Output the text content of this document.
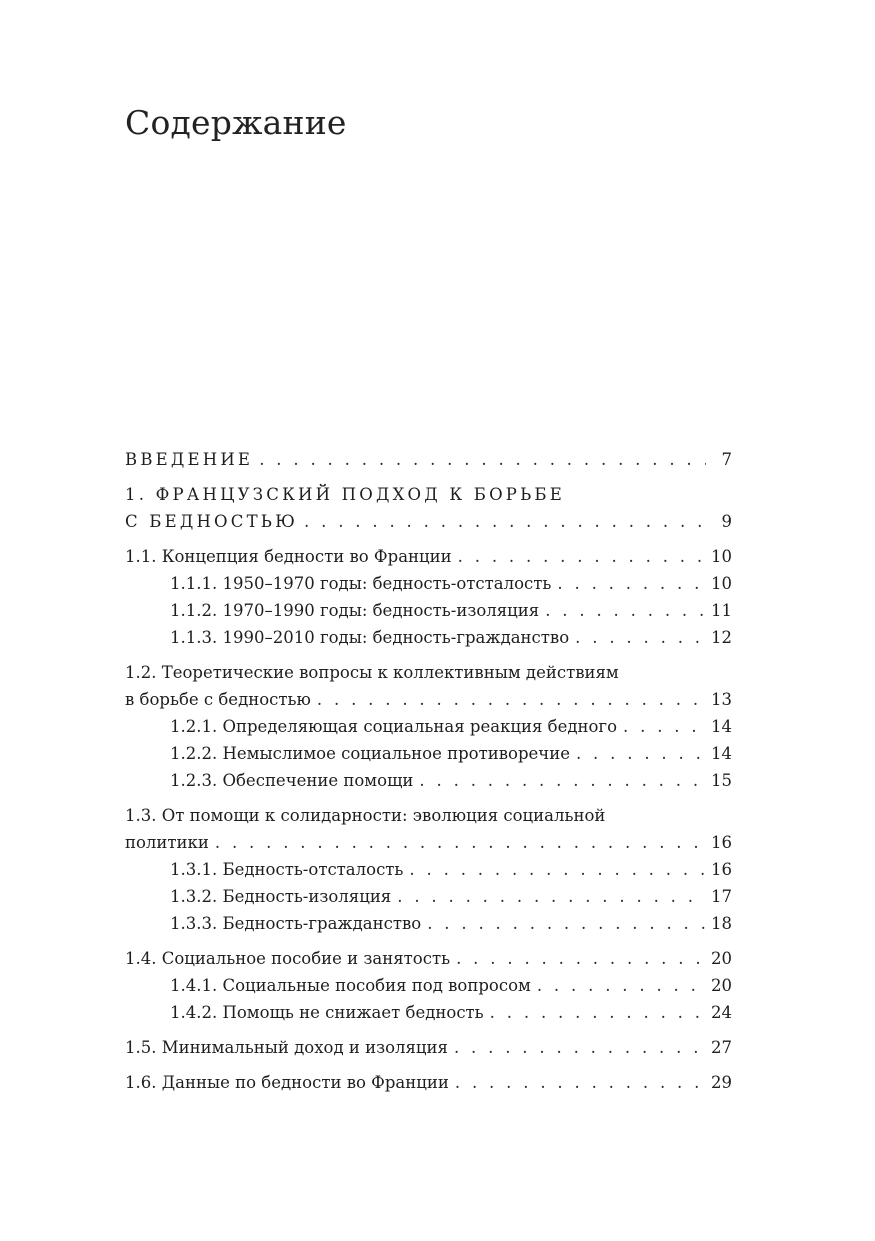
Содержание
ВВЕДЕНИЕ . . .	7
1. ФРАНЦУЗСКИЙ ПОДХОД К БОРЬБЕ
С БЕДНОСТЬЮ . . .	9
1.1. Концепция бедности во Франции . . .	10
1.1.1. 1950–1970 годы: бедность-отсталость . . .	10
1.1.2. 1970–1990 годы: бедность-изоляция . . .	11
1.1.3. 1990–2010 годы: бедность-гражданство . . .	12
1.2. Теоретические вопросы к коллективным действиям
в борьбе с бедностью . . .	13
1.2.1. Определяющая социальная реакция бедного . . .	14
1.2.2. Немыслимое социальное противоречие . . .	14
1.2.3. Обеспечение помощи . . .	15
1.3. От помощи к солидарности: эволюция социальной
политики . . .	16
1.3.1. Бедность-отсталость . . .	16
1.3.2. Бедность-изоляция . . .	17
1.3.3. Бедность-гражданство . . .	18
1.4. Социальное пособие и занятость . . .	20
1.4.1. Социальные пособия под вопросом . . .	20
1.4.2. Помощь не снижает бедность . . .	24
1.5. Минимальный доход и изоляция . . .	27
1.6. Данные по бедности во Франции . . .	29
